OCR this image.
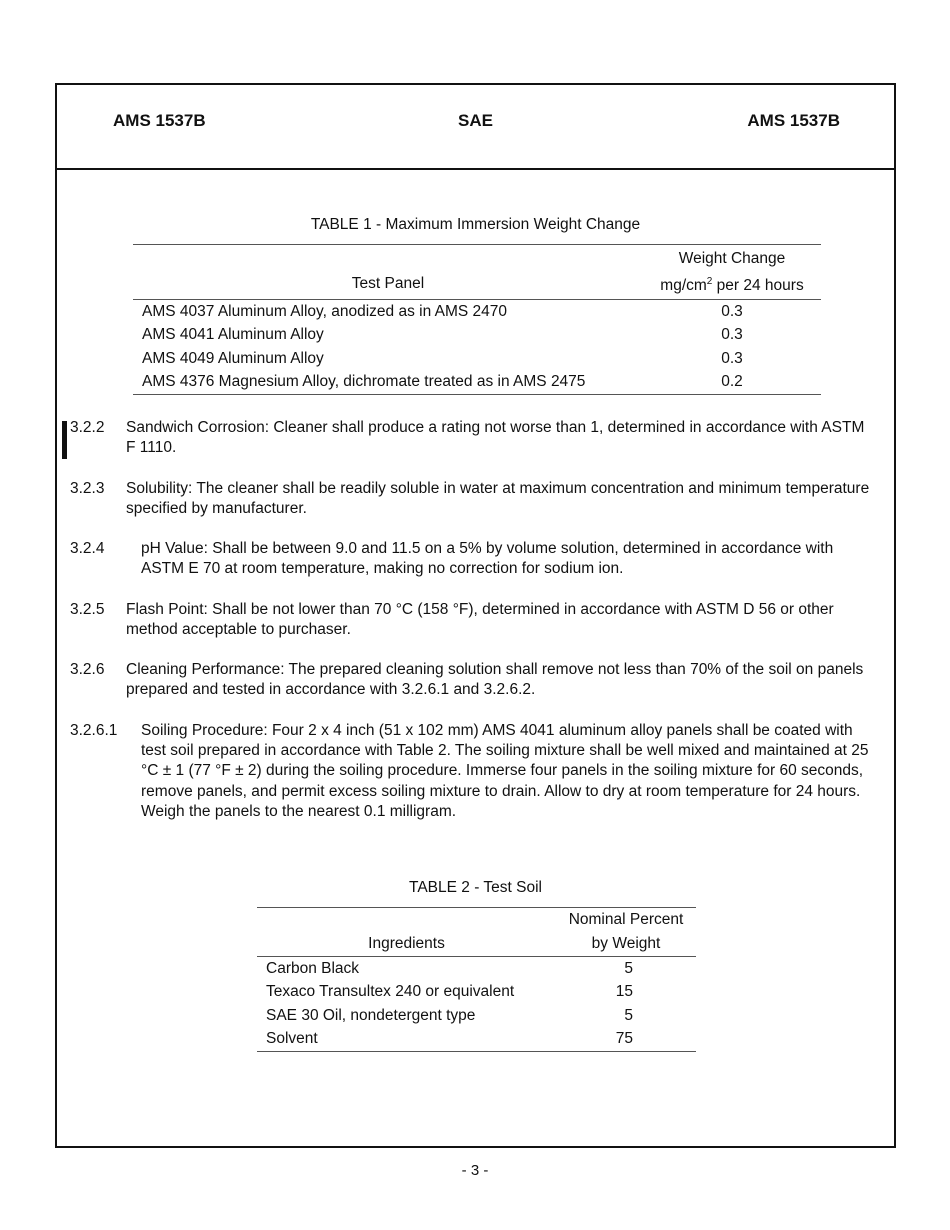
AMS 1537B	SAE	AMS 1537B
TABLE 1 - Maximum Immersion Weight Change
Test Panel	Weight Change
$mg/cm^2$ per 24 hours

AMS 4037 Aluminum Alloy, anodized as in AMS 2470	0.3
AMS 4041 Aluminum Alloy	0.3
AMS 4049 Aluminum Alloy	0.3
AMS 4376 Magnesium Alloy, dichromate treated as in AMS 2475	0.2
3.2.2	Sandwich Corrosion: Cleaner shall produce a rating not worse than 1, determined in accordance with ASTM F 1110.
3.2.3	Solubility: The cleaner shall be readily soluble in water at maximum concentration and minimum temperature specified by manufacturer.
3.2.4	pH Value: Shall be between 9.0 and 11.5 on a 5% by volume solution, determined in accordance with ASTM E 70 at room temperature, making no correction for sodium ion.
3.2.5	Flash Point: Shall be not lower than 70 °C (158 °F), determined in accordance with ASTM D 56 or other method acceptable to purchaser.
3.2.6	Cleaning Performance: The prepared cleaning solution shall remove not less than 70% of the soil on panels prepared and tested in accordance with 3.2.6.1 and 3.2.6.2.
3.2.6.1	Soiling Procedure: Four 2 x 4 inch (51 x 102 mm) AMS 4041 aluminum alloy panels shall be coated with test soil prepared in accordance with Table 2. The soiling mixture shall be well mixed and maintained at 25 °C ± 1 (77 °F ± 2) during the soiling procedure. Immerse four panels in the soiling mixture for 60 seconds, remove panels, and permit excess soiling mixture to drain. Allow to dry at room temperature for 24 hours. Weigh the panels to the nearest 0.1 milligram.
TABLE 2 - Test Soil
Ingredients	Nominal Percent
by Weight

Carbon Black	5
Texaco Transultex 240 or equivalent	15
SAE 30 Oil, nondetergent type	5
Solvent	75
- 3 -
